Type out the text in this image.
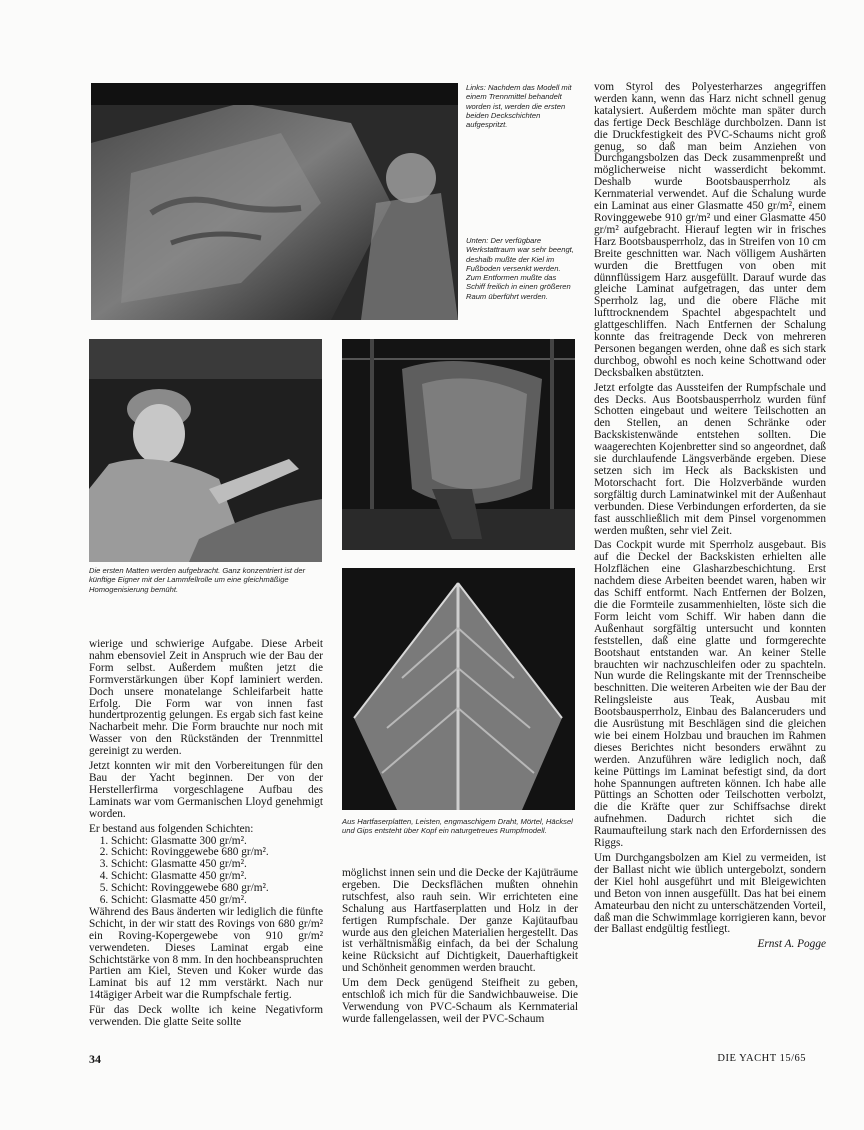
Links: Nachdem das Modell mit einem Trennmittel behandelt worden ist, werden die ersten beiden Deckschichten aufgespritzt.
Unten: Der verfügbare Werkstattraum war sehr beengt, deshalb mußte der Kiel im Fußboden versenkt werden. Zum Entformen mußte das Schiff freilich in einen größeren Raum überführt werden.
Die ersten Matten werden aufgebracht. Ganz konzentriert ist der künftige Eigner mit der Lammfellrolle um eine gleichmäßige Homogenisierung bemüht.
Aus Hartfaserplatten, Leisten, engmaschigem Draht, Mörtel, Häcksel und Gips entsteht über Kopf ein naturgetreues Rumpfmodell.

wierige und schwierige Aufgabe. Diese Arbeit nahm ebensoviel Zeit in Anspruch wie der Bau der Form selbst. Außerdem mußten jetzt die Formverstärkungen über Kopf laminiert werden. Doch unsere monatelange Schleifarbeit hatte Erfolg. Die Form war von innen fast hundertprozentig gelungen. Es ergab sich fast keine Nacharbeit mehr. Die Form brauchte nur noch mit Wasser von den Rückständen der Trennmittel gereinigt zu werden.

Jetzt konnten wir mit den Vorbereitungen für den Bau der Yacht beginnen. Der von der Herstellerfirma vorgeschlagene Aufbau des Laminats war vom Germanischen Lloyd genehmigt worden.

Er bestand aus folgenden Schichten:

1. Schicht: Glasmatte 300 gr/m².
2. Schicht: Rovinggewebe 680 gr/m².
3. Schicht: Glasmatte 450 gr/m².
4. Schicht: Glasmatte 450 gr/m².
5. Schicht: Rovinggewebe 680 gr/m².
6. Schicht: Glasmatte 450 gr/m².

Während des Baus änderten wir lediglich die fünfte Schicht, in der wir statt des Rovings von 680 gr/m² ein Roving-Kopergewebe von 910 gr/m² verwendeten. Dieses Laminat ergab eine Schichtstärke von 8 mm. In den hochbeanspruchten Partien am Kiel, Steven und Koker wurde das Laminat bis auf 12 mm verstärkt. Nach nur 14tägiger Arbeit war die Rumpfschale fertig.

Für das Deck wollte ich keine Negativform verwenden. Die glatte Seite sollte

möglichst innen sein und die Decke der Kajüträume ergeben. Die Decksflächen mußten ohnehin rutschfest, also rauh sein. Wir errichteten eine Schalung aus Hartfaserplatten und Holz in der fertigen Rumpfschale. Der ganze Kajütaufbau wurde aus den gleichen Materialien hergestellt. Das ist verhältnismäßig einfach, da bei der Schalung keine Rücksicht auf Dichtigkeit, Dauerhaftigkeit und Schönheit genommen werden braucht.

Um dem Deck genügend Steifheit zu geben, entschloß ich mich für die Sandwichbauweise. Die Verwendung von PVC-Schaum als Kernmaterial wurde fallengelassen, weil der PVC-Schaum

vom Styrol des Polyesterharzes angegriffen werden kann, wenn das Harz nicht schnell genug katalysiert. Außerdem möchte man später durch das fertige Deck Beschläge durchbolzen. Dann ist die Druckfestigkeit des PVC-Schaums nicht groß genug, so daß man beim Anziehen von Durchgangsbolzen das Deck zusammenpreßt und möglicherweise nicht wasserdicht bekommt. Deshalb wurde Bootsbausperrholz als Kernmaterial verwendet. Auf die Schalung wurde ein Laminat aus einer Glasmatte 450 gr/m², einem Rovinggewebe 910 gr/m² und einer Glasmatte 450 gr/m² aufgebracht. Hierauf legten wir in frisches Harz Bootsbausperrholz, das in Streifen von 10 cm Breite geschnitten war. Nach völligem Aushärten wurden die Brettfugen von oben mit dünnflüssigem Harz ausgefüllt. Darauf wurde das gleiche Laminat aufgetragen, das unter dem Sperrholz lag, und die obere Fläche mit lufttrocknendem Spachtel abgespachtelt und glattgeschliffen. Nach Entfernen der Schalung konnte das freitragende Deck von mehreren Personen begangen werden, ohne daß es sich stark durchbog, obwohl es noch keine Schottwand oder Decksbalken abstützten.

Jetzt erfolgte das Aussteifen der Rumpfschale und des Decks. Aus Bootsbausperrholz wurden fünf Schotten eingebaut und weitere Teilschotten an den Stellen, an denen Schränke oder Backskistenwände entstehen sollten. Die waagerechten Kojenbretter sind so angeordnet, daß sie durchlaufende Längsverbände ergeben. Diese setzen sich im Heck als Backskisten und Motorschacht fort. Die Holzverbände wurden sorgfältig durch Laminatwinkel mit der Außenhaut verbunden. Diese Verbindungen erforderten, da sie fast ausschließlich mit dem Pinsel vorgenommen werden mußten, sehr viel Zeit.

Das Cockpit wurde mit Sperrholz ausgebaut. Bis auf die Deckel der Backskisten erhielten alle Holzflächen eine Glasharzbeschichtung. Erst nachdem diese Arbeiten beendet waren, haben wir das Schiff entformt. Nach Entfernen der Bolzen, die die Formteile zusammenhielten, löste sich die Form leicht vom Schiff. Wir haben dann die Außenhaut sorgfältig untersucht und konnten feststellen, daß eine glatte und formgerechte Bootshaut entstanden war. An keiner Stelle brauchten wir nachzuschleifen oder zu spachteln. Nun wurde die Relingskante mit der Trennscheibe beschnitten. Die weiteren Arbeiten wie der Bau der Relingsleiste aus Teak, Ausbau mit Bootsbausperrholz, Einbau des Balanceruders und die Ausrüstung mit Beschlägen sind die gleichen wie bei einem Holzbau und brauchen im Rahmen dieses Berichtes nicht besonders erwähnt zu werden. Anzuführen wäre lediglich noch, daß keine Püttings im Laminat befestigt sind, da dort hohe Spannungen auftreten können. Ich habe alle Püttings an Schotten oder Teilschotten verbolzt, die die Kräfte quer zur Schiffsachse direkt aufnehmen. Dadurch richtet sich die Raumaufteilung stark nach den Erfordernissen des Riggs.

Um Durchgangsbolzen am Kiel zu vermeiden, ist der Ballast nicht wie üblich untergebolzt, sondern der Kiel hohl ausgeführt und mit Bleigewichten und Beton von innen ausgefüllt. Das hat bei einem Amateurbau den nicht zu unterschätzenden Vorteil, daß man die Schwimmlage korrigieren kann, bevor der Ballast endgültig festliegt.

Ernst A. Pogge

34	DIE YACHT 15/65
